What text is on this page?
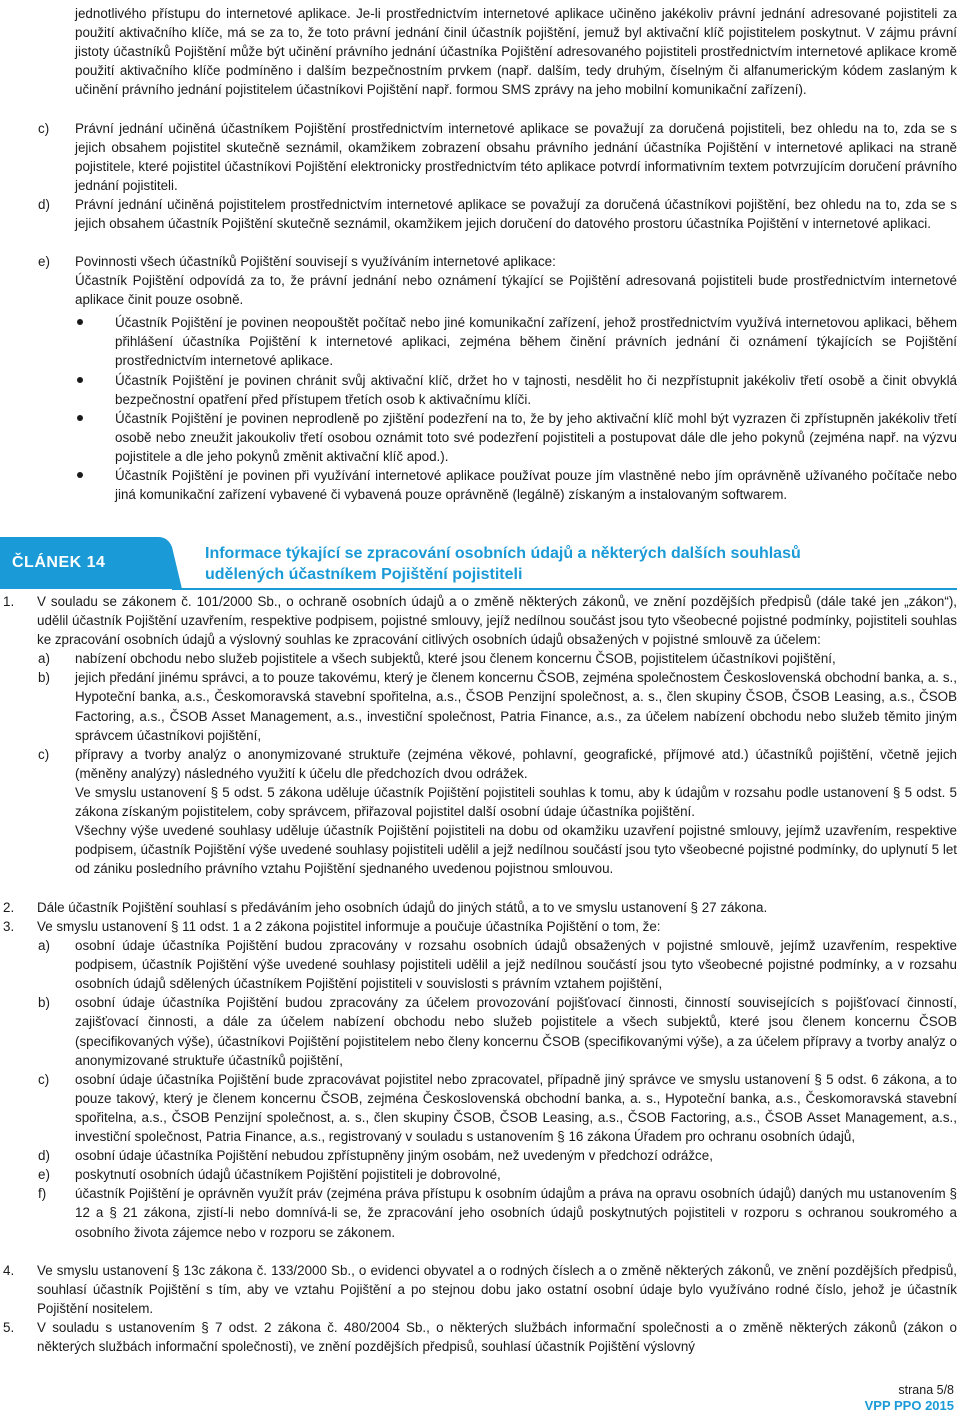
jednotlivého přístupu do internetové aplikace. Je-li prostřednictvím internetové aplikace učiněno jakékoliv právní jednání adresované pojistiteli za použití aktivačního klíče, má se za to, že toto právní jednání činil účastník pojištění, jemuž byl aktivační klíč pojistitelem poskytnut. V zájmu právní jistoty účastníků Pojištění může být učinění právního jednání účastníka Pojištění adresovaného pojistiteli prostřednictvím internetové aplikace kromě použití aktivačního klíče podmíněno i dalším bezpečnostním prvkem (např. dalším, tedy druhým, číselným či alfanumerickým kódem zaslaným k učinění právního jednání pojistitelem účastníkovi Pojištění např. formou SMS zprávy na jeho mobilní komunikační zařízení).
c)	Právní jednání učiněná účastníkem Pojištění prostřednictvím internetové aplikace se považují za doručená pojistiteli, bez ohledu na to, zda se s jejich obsahem pojistitel skutečně seznámil, okamžikem zobrazení obsahu právního jednání účastníka Pojištění v internetové aplikaci na straně pojistitele, které pojistitel účastníkovi Pojištění elektronicky prostřednictvím této aplikace potvrdí informativním textem potvrzujícím doručení právního jednání pojistiteli.
d)	Právní jednání učiněná pojistitelem prostřednictvím internetové aplikace se považují za doručená účastníkovi pojištění, bez ohledu na to, zda se s jejich obsahem účastník Pojištění skutečně seznámil, okamžikem jejich doručení do datového prostoru účastníka Pojištění v internetové aplikaci.
e)	Povinnosti všech účastníků Pojištění souvisejí s využíváním internetové aplikace:
Účastník Pojištění odpovídá za to, že právní jednání nebo oznámení týkající se Pojištění adresovaná pojistiteli bude prostřednictvím internetové aplikace činit pouze osobně.
Účastník Pojištění je povinen neopouštět počítač nebo jiné komunikační zařízení, jehož prostřednictvím využívá internetovou aplikaci, během přihlášení účastníka Pojištění k internetové aplikaci, zejména během činění právních jednání či oznámení týkajících se Pojištění prostřednictvím internetové aplikace.
Účastník Pojištění je povinen chránit svůj aktivační klíč, držet ho v tajnosti, nesdělit ho či nezpřístupnit jakékoliv třetí osobě a činit obvyklá bezpečnostní opatření před přístupem třetích osob k aktivačnímu klíči.
Účastník Pojištění je povinen neprodleně po zjištění podezření na to, že by jeho aktivační klíč mohl být vyzrazen či zpřístupněn jakékoliv třetí osobě nebo zneužit jakoukoliv třetí osobou oznámit toto své podezření pojistiteli a postupovat dále dle jeho pokynů (zejména např. na výzvu pojistitele a dle jeho pokynů změnit aktivační klíč apod.).
Účastník Pojištění je povinen při využívání internetové aplikace používat pouze jím vlastněné nebo jím oprávněně užívaného počítače nebo jiná komunikační zařízení vybavené či vybavená pouze oprávněně (legálně) získaným a instalovaným softwarem.
ČLÁNEK 14
Informace týkající se zpracování osobních údajů a některých dalších souhlasů
udělených účastníkem Pojištění pojistiteli
1.	V souladu se zákonem č. 101/2000 Sb., o ochraně osobních údajů a o změně některých zákonů, ve znění pozdějších předpisů (dále také jen „zákon“), udělil účastník Pojištění uzavřením, respektive podpisem, pojistné smlouvy, jejíž nedílnou součást jsou tyto všeobecné pojistné podmínky, pojistiteli souhlas ke zpracování osobních údajů a výslovný souhlas ke zpracování citlivých osobních údajů obsažených v pojistné smlouvě za účelem:
a)	nabízení obchodu nebo služeb pojistitele a všech subjektů, které jsou členem koncernu ČSOB, pojistitelem účastníkovi pojištění,
b)	jejich předání jinému správci, a to pouze takovému, který je členem koncernu ČSOB, zejména společnostem Československá obchodní banka, a. s., Hypoteční banka, a.s., Českomoravská stavební spořitelna, a.s., ČSOB Penzijní společnost, a. s., člen skupiny ČSOB, ČSOB Leasing, a.s., ČSOB Factoring, a.s., ČSOB Asset Management, a.s., investiční společnost, Patria Finance, a.s., za účelem nabízení obchodu nebo služeb těmito jiným správcem účastníkovi pojištění,
c)	přípravy a tvorby analýz o anonymizované struktuře (zejména věkové, pohlavní, geografické, příjmové atd.) účastníků pojištění, včetně jejich (měněny analýzy) následného využití k účelu dle předchozích dvou odrážek.
Ve smyslu ustanovení § 5 odst. 5 zákona uděluje účastník Pojištění pojistiteli souhlas k tomu, aby k údajům v rozsahu podle ustanovení § 5 odst. 5 zákona získaným pojistitelem, coby správcem, přiřazoval pojistitel další osobní údaje účastníka pojištění.
Všechny výše uvedené souhlasy uděluje účastník Pojištění pojistiteli na dobu od okamžiku uzavření pojistné smlouvy, jejímž uzavřením, respektive podpisem, účastník Pojištění výše uvedené souhlasy pojistiteli udělil a jejž nedílnou součástí jsou tyto všeobecné pojistné podmínky, do uplynutí 5 let od zániku posledního právního vztahu Pojištění sjednaného uvedenou pojistnou smlouvou.
2.	Dále účastník Pojištění souhlasí s předáváním jeho osobních údajů do jiných států, a to ve smyslu ustanovení § 27 zákona.
3.	Ve smyslu ustanovení § 11 odst. 1 a 2 zákona pojistitel informuje a poučuje účastníka Pojištění o tom, že:
a)	osobní údaje účastníka Pojištění budou zpracovány v rozsahu osobních údajů obsažených v pojistné smlouvě, jejímž uzavřením, respektive podpisem, účastník Pojištění výše uvedené souhlasy pojistiteli udělil a jejž nedílnou součástí jsou tyto všeobecné pojistné podmínky, a v rozsahu osobních údajů sdělených účastníkem Pojištění pojistiteli v souvislosti s právním vztahem pojištění,
b)	osobní údaje účastníka Pojištění budou zpracovány za účelem provozování pojišťovací činnosti, činností souvisejících s pojišťovací činností, zajišťovací činnosti, a dále za účelem nabízení obchodu nebo služeb pojistitele a všech subjektů, které jsou členem koncernu ČSOB (specifikovaných výše), účastníkovi Pojištění pojistitelem nebo členy koncernu ČSOB (specifikovanými výše), a za účelem přípravy a tvorby analýz o anonymizované struktuře účastníků pojištění,
c)	osobní údaje účastníka Pojištění bude zpracovávat pojistitel nebo zpracovatel, případně jiný správce ve smyslu ustanovení § 5 odst. 6 zákona, a to pouze takový, který je členem koncernu ČSOB, zejména Československá obchodní banka, a. s., Hypoteční banka, a.s., Českomoravská stavební spořitelna, a.s., ČSOB Penzijní společnost, a. s., člen skupiny ČSOB, ČSOB Leasing, a.s., ČSOB Factoring, a.s., ČSOB Asset Management, a.s., investiční společnost, Patria Finance, a.s., registrovaný v souladu s ustanovením § 16 zákona Úřadem pro ochranu osobních údajů,
d)	osobní údaje účastníka Pojištění nebudou zpřístupněny jiným osobám, než uvedeným v předchozí odrážce,
e)	poskytnutí osobních údajů účastníkem Pojištění pojistiteli je dobrovolné,
f)	účastník Pojištění je oprávněn využít práv (zejména práva přístupu k osobním údajům a práva na opravu osobních údajů) daných mu ustanovením § 12 a § 21 zákona, zjistí-li nebo domnívá-li se, že zpracování jeho osobních údajů poskytnutých pojistiteli v rozporu s ochranou soukromého a osobního života zájemce nebo v rozporu se zákonem.
4.	Ve smyslu ustanovení § 13c zákona č. 133/2000 Sb., o evidenci obyvatel a o rodných číslech a o změně některých zákonů, ve znění pozdějších předpisů, souhlasí účastník Pojištění s tím, aby ve vztahu Pojištění a po stejnou dobu jako ostatní osobní údaje bylo využíváno rodné číslo, jehož je účastník Pojištění nositelem.
5.	V souladu s ustanovením § 7 odst. 2 zákona č. 480/2004 Sb., o některých službách informační společnosti a o změně některých zákonů (zákon o některých službách informační společnosti), ve znění pozdějších předpisů, souhlasí účastník Pojištění výslovný
strana 5/8
VPP PPO 2015
